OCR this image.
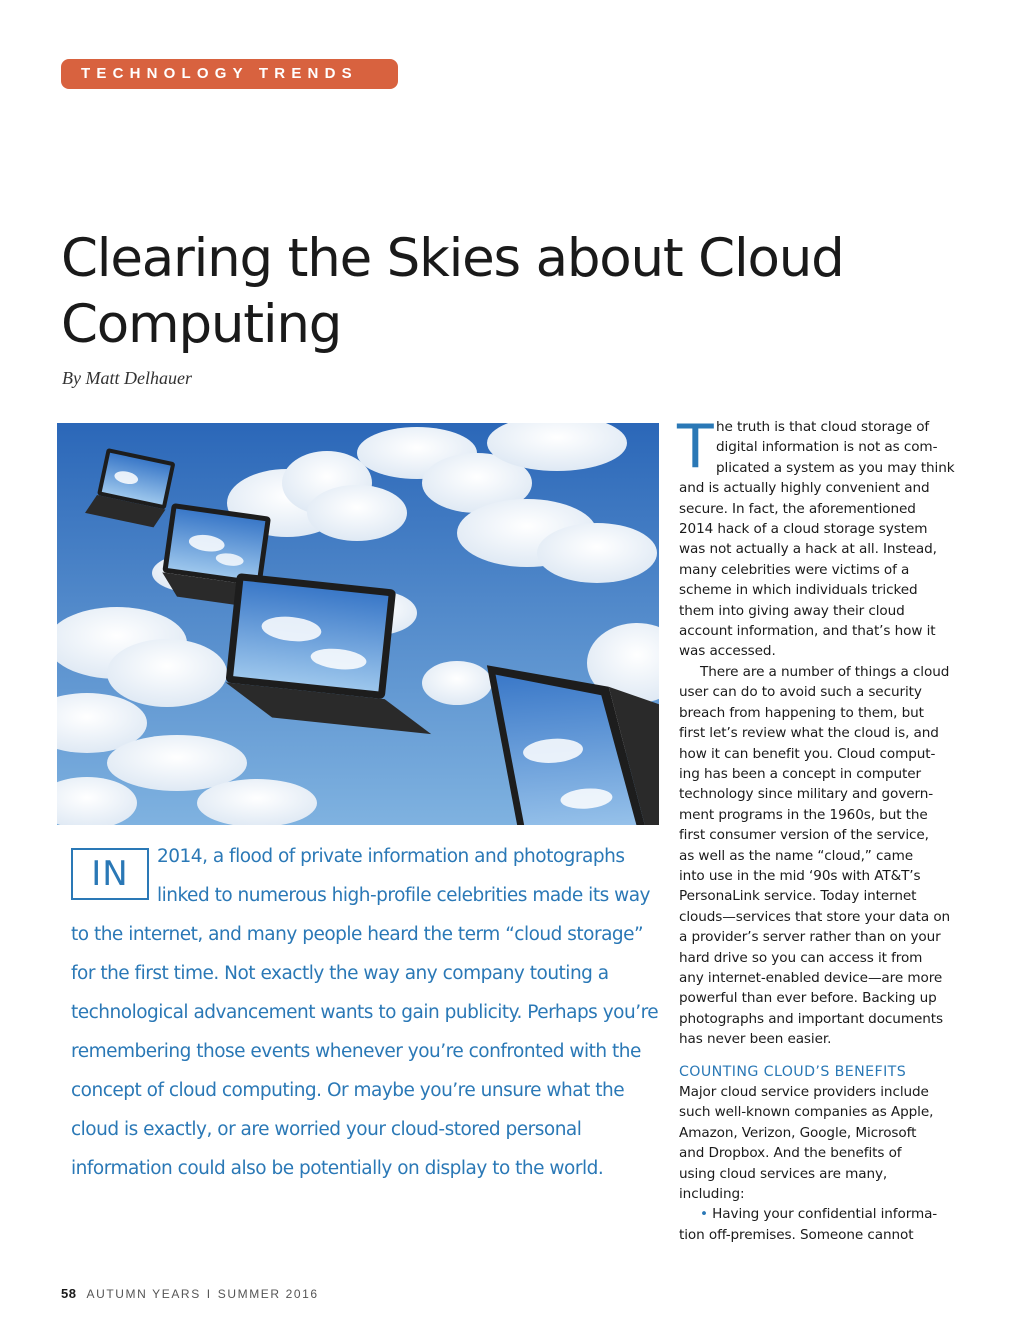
TECHNOLOGY TRENDS
Clearing the Skies about Cloud
Computing
By Matt Delhauer
IN	2014, a flood of private information and photographs
linked to numerous high-profile celebrities made its way
to the internet, and many people heard the term “cloud storage”
for the first time. Not exactly the way any company touting a
technological advancement wants to gain publicity. Perhaps you’re
remembering those events whenever you’re confronted with the
concept of cloud computing. Or maybe you’re unsure what the
cloud is exactly, or are worried your cloud-stored personal
information could also be potentially on display to the world.
T he truth is that cloud storage of
digital information is not as com-
plicated a system as you may think
and is actually highly convenient and
secure. In fact, the aforementioned
2014 hack of a cloud storage system
was not actually a hack at all. Instead,
many celebrities were victims of a
scheme in which individuals tricked
them into giving away their cloud
account information, and that’s how it
was accessed.
There are a number of things a cloud
user can do to avoid such a security
breach from happening to them, but
first let’s review what the cloud is, and
how it can benefit you. Cloud comput-
ing has been a concept in computer
technology since military and govern-
ment programs in the 1960s, but the
first consumer version of the service,
as well as the name “cloud,” came
into use in the mid ‘90s with AT&T’s
PersonaLink service. Today internet
clouds—services that store your data on
a provider’s server rather than on your
hard drive so you can access it from
any internet-enabled device—are more
powerful than ever before. Backing up
photographs and important documents
has never been easier.
COUNTING CLOUD’S BENEFITS
Major cloud service providers include
such well-known companies as Apple,
Amazon, Verizon, Google, Microsoft
and Dropbox. And the benefits of
using cloud services are many,
including:
• Having your confidential informa-
tion off-premises. Someone cannot
58 AUTUMN YEARS I SUMMER 2016
